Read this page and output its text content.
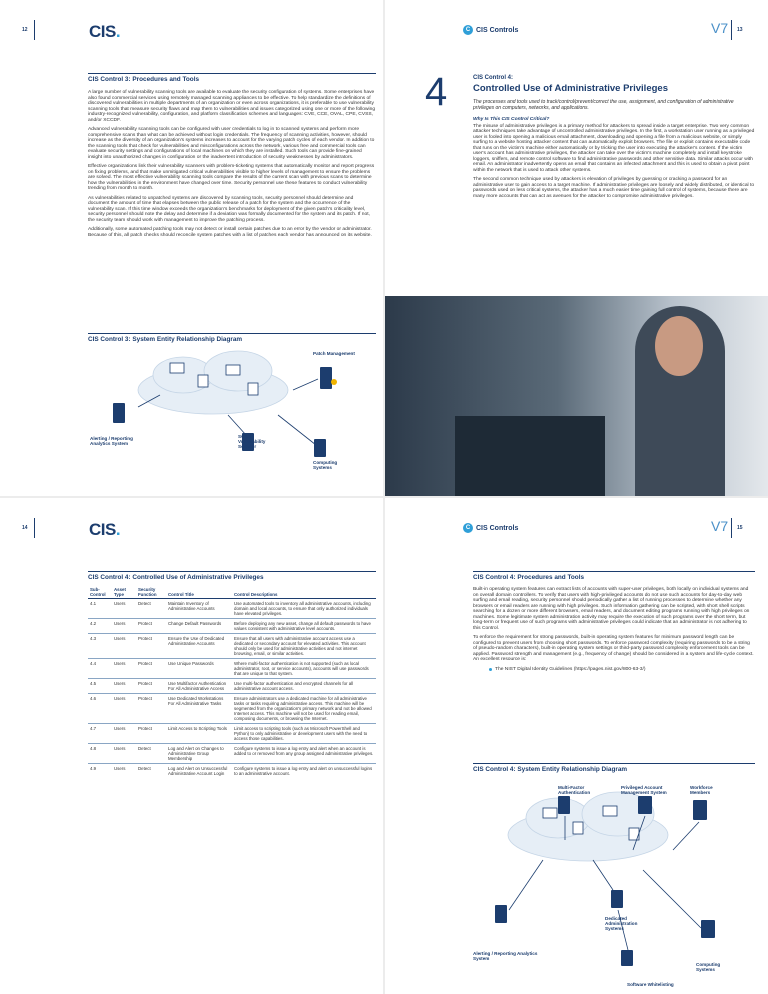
12	CIS.
CIS Control 3: Procedures and Tools

A large number of vulnerability scanning tools are available to evaluate the security configuration of systems. Some enterprises have also found commercial services using remotely managed scanning appliances to be effective. To help standardize the definitions of discovered vulnerabilities in multiple departments of an organization or even across organizations, it is preferable to use vulnerability scanning tools that measure security flaws and map them to vulnerabilities and issues categorized using one or more of the following industry-recognized vulnerability, configuration, and platform classification schemes and languages: CVE, CCE, OVAL, CPE, CVSS, and/or XCCDF.

Advanced vulnerability scanning tools can be configured with user credentials to log in to scanned systems and perform more comprehensive scans than what can be achieved without login credentials. The frequency of scanning activities, however, should increase as the diversity of an organization's systems increases to account for the varying patch cycles of each vendor. In addition to the scanning tools that check for vulnerabilities and misconfigurations across the network, various free and commercial tools can evaluate security settings and configurations of local machines on which they are installed. Such tools can provide fine-grained insight into unauthorized changes in configuration or the inadvertent introduction of security weaknesses by administrators.

Effective organizations link their vulnerability scanners with problem-ticketing systems that automatically monitor and report progress on fixing problems, and that make unmitigated critical vulnerabilities visible to higher levels of management to ensure the problems are solved. The most effective vulnerability scanning tools compare the results of the current scan with previous scans to determine how the vulnerabilities in the environment have changed over time. Security personnel use these features to conduct vulnerability trending from month to month.

As vulnerabilities related to unpatched systems are discovered by scanning tools, security personnel should determine and document the amount of time that elapses between the public release of a patch for the system and the occurrence of the vulnerability scan. If this time window exceeds the organization's benchmarks for deployment of the given patch's criticality level, security personnel should note the delay and determine if a deviation was formally documented for the system and its patch. If not, the security team should work with management to improve the patching process.

Additionally, some automated patching tools may not detect or install certain patches due to an error by the vendor or administrator. Because of this, all patch checks should reconcile system patches with a list of patches each vendor has announced on its website.

CIS Control 3: System Entity Relationship Diagram
Patch Management
Alerting / Reporting Analytics System
SCAP Vulnerability Scanner
Computing Systems
C CIS Controls	V7 13
4	CIS Control 4:
Controlled Use of Administrative Privileges
The processes and tools used to track/control/prevent/correct the use, assignment, and configuration of administrative privileges on computers, networks, and applications.

Why Is This CIS Control Critical?

The misuse of administrative privileges is a primary method for attackers to spread inside a target enterprise. Two very common attacker techniques take advantage of uncontrolled administrative privileges. In the first, a workstation user running as a privileged user is fooled into opening a malicious email attachment, downloading and opening a file from a malicious website, or simply surfing to a website hosting attacker content that can automatically exploit browsers. The file or exploit contains executable code that runs on the victim's machine either automatically or by tricking the user into executing the attacker's content. If the victim user's account has administrative privileges, the attacker can take over the victim's machine completely and install keystroke loggers, sniffers, and remote control software to find administrative passwords and other sensitive data. Similar attacks occur with email. An administrator inadvertently opens an email that contains an infected attachment and this is used to obtain a pivot point within the network that is used to attack other systems.

The second common technique used by attackers is elevation of privileges by guessing or cracking a password for an administrative user to gain access to a target machine. If administrative privileges are loosely and widely distributed, or identical to passwords used on less critical systems, the attacker has a much easier time gaining full control of systems, because there are many more accounts that can act as avenues for the attacker to compromise administrative privileges.

14	CIS.
CIS Control 4: Controlled Use of Administrative Privileges
Sub-Control	Asset Type	Security Function	Control Title	Control Descriptions
4.1	Users	Detect	Maintain Inventory of Administrative Accounts	Use automated tools to inventory all administrative accounts, including domain and local accounts, to ensure that only authorized individuals have elevated privileges.
4.2	Users	Protect	Change Default Passwords	Before deploying any new asset, change all default passwords to have values consistent with administrative level accounts.
4.3	Users	Protect	Ensure the Use of Dedicated Administrative Accounts	Ensure that all users with administrative account access use a dedicated or secondary account for elevated activities. This account should only be used for administrative activities and not internet browsing, email, or similar activities.
4.4	Users	Protect	Use Unique Passwords	Where multi-factor authentication is not supported (such as local administrator, root, or service accounts), accounts will use passwords that are unique to that system.
4.5	Users	Protect	Use Multifactor Authentication For All Administrative Access	Use multi-factor authentication and encrypted channels for all administrative account access.
4.6	Users	Protect	Use Dedicated Workstations For All Administrative Tasks	Ensure administrators use a dedicated machine for all administrative tasks or tasks requiring administrative access. This machine will be segmented from the organization's primary network and not be allowed Internet access. This machine will not be used for reading email, composing documents, or browsing the Internet.
4.7	Users	Protect	Limit Access to Scripting Tools	Limit access to scripting tools (such as Microsoft PowerShell and Python) to only administrative or development users with the need to access those capabilities.
4.8	Users	Detect	Log and Alert on Changes to Administrative Group Membership	Configure systems to issue a log entry and alert when an account is added to or removed from any group assigned administrative privileges.
4.9	Users	Detect	Log and Alert on Unsuccessful Administrative Account Login	Configure systems to issue a log entry and alert on unsuccessful logins to an administrative account.
C CIS Controls	V7 15
CIS Control 4: Procedures and Tools

Built-in operating system features can extract lists of accounts with super-user privileges, both locally on individual systems and on overall domain controllers. To verify that users with high-privileged accounts do not use such accounts for day-to-day web surfing and email reading, security personnel should periodically gather a list of running processes to determine whether any browsers or email readers are running with high privileges. Such information gathering can be scripted, with short shell scripts searching for a dozen or more different browsers, email readers, and document editing programs running with high privileges on machines. Some legitimate system administration activity may require the execution of such programs over the short term, but long-term or frequent use of such programs with administrative privileges could indicate that an administrator is not adhering to this Control.

To enforce the requirement for strong passwords, built-in operating system features for minimum password length can be configured to prevent users from choosing short passwords. To enforce password complexity (requiring passwords to be a string of pseudo-random characters), built-in operating system settings or third-party password complexity enforcement tools can be applied. Password strength and management (e.g., frequency of change) should be considered in a system and life-cycle context. An excellent resource is:

The NIST Digital Identity Guidelines (https://pages.nist.gov/800-63-3/)
CIS Control 4: System Entity Relationship Diagram
Multi-Factor Authentication
Privileged Account Management System
Workforce Members
Dedicated Administration Systems
Alerting / Reporting Analytics System
Computing Systems
Software Whitelisting
